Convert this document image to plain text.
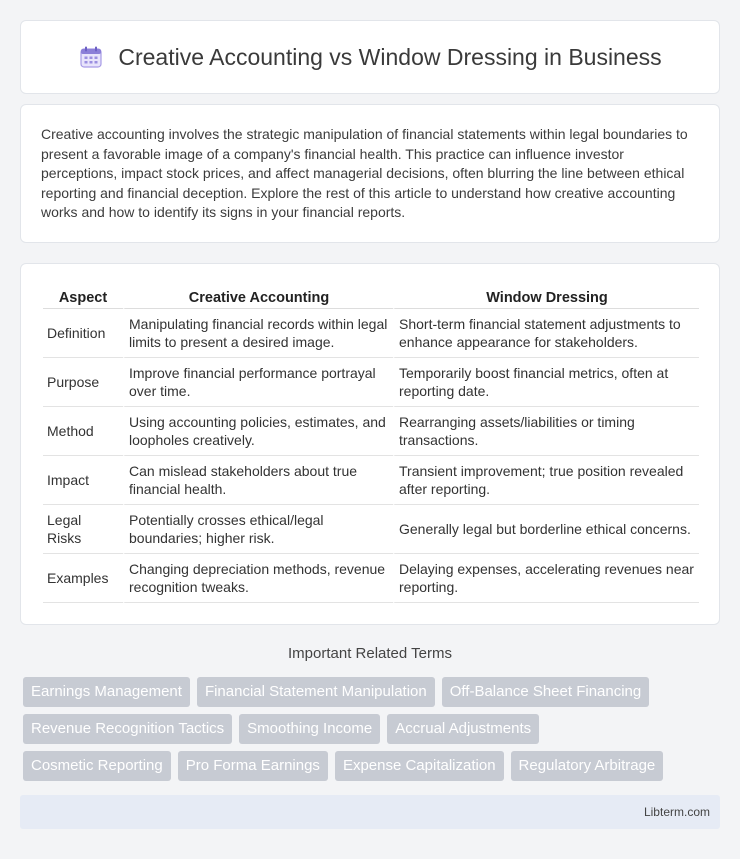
Creative Accounting vs Window Dressing in Business

Creative accounting involves the strategic manipulation of financial statements within legal boundaries to present a favorable image of a company's financial health. This practice can influence investor perceptions, impact stock prices, and affect managerial decisions, often blurring the line between ethical reporting and financial deception. Explore the rest of this article to understand how creative accounting works and how to identify its signs in your financial reports.

Aspect	Creative Accounting	Window Dressing
Definition	Manipulating financial records within legal limits to present a desired image.	Short-term financial statement adjustments to enhance appearance for stakeholders.
Purpose	Improve financial performance portrayal over time.	Temporarily boost financial metrics, often at reporting date.
Method	Using accounting policies, estimates, and loopholes creatively.	Rearranging assets/liabilities or timing transactions.
Impact	Can mislead stakeholders about true financial health.	Transient improvement; true position revealed after reporting.
Legal Risks	Potentially crosses ethical/legal boundaries; higher risk.	Generally legal but borderline ethical concerns.
Examples	Changing depreciation methods, revenue recognition tweaks.	Delaying expenses, accelerating revenues near reporting.
Important Related Terms
Earnings Management	Financial Statement Manipulation	Off-Balance Sheet Financing
Revenue Recognition Tactics	Smoothing Income	Accrual Adjustments
Cosmetic Reporting	Pro Forma Earnings	Expense Capitalization	Regulatory Arbitrage
Libterm.com
